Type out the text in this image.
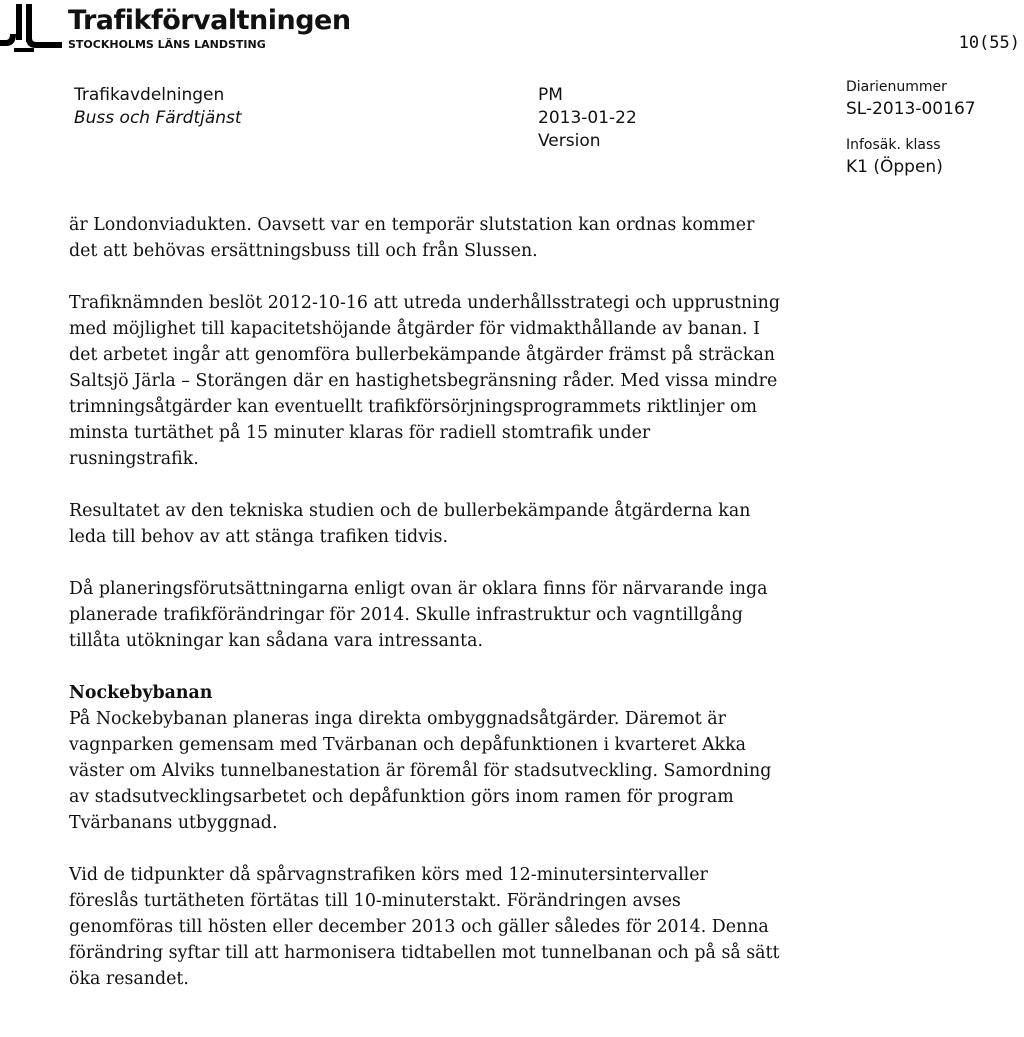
Trafikförvaltningen
STOCKHOLMS LÄNS LANDSTING	10(55)
Trafikavdelningen
Buss och Färdtjänst
PM
2013-01-22
Version
Diarienummer
SL-2013-00167
Infosäk. klass
K1 (Öppen)

är Londonviadukten. Oavsett var en temporär slutstation kan ordnas kommer
det att behövas ersättningsbuss till och från Slussen.

Trafiknämnden beslöt 2012-10-16 att utreda underhållsstrategi och upprustning
med möjlighet till kapacitetshöjande åtgärder för vidmakthållande av banan. I
det arbetet ingår att genomföra bullerbekämpande åtgärder främst på sträckan
Saltsjö Järla – Storängen där en hastighetsbegränsning råder. Med vissa mindre
trimningsåtgärder kan eventuellt trafikförsörjningsprogrammets riktlinjer om
minsta turtäthet på 15 minuter klaras för radiell stomtrafik under
rusningstrafik.

Resultatet av den tekniska studien och de bullerbekämpande åtgärderna kan
leda till behov av att stänga trafiken tidvis.

Då planeringsförutsättningarna enligt ovan är oklara finns för närvarande inga
planerade trafikförändringar för 2014. Skulle infrastruktur och vagntillgång
tillåta utökningar kan sådana vara intressanta.

Nockebybanan

På Nockebybanan planeras inga direkta ombyggnadsåtgärder. Däremot är
vagnparken gemensam med Tvärbanan och depåfunktionen i kvarteret Akka
väster om Alviks tunnelbanestation är föremål för stadsutveckling. Samordning
av stadsutvecklingsarbetet och depåfunktion görs inom ramen för program
Tvärbanans utbyggnad.

Vid de tidpunkter då spårvagnstrafiken körs med 12-minutersintervaller
föreslås turtätheten förtätas till 10-minuterstakt. Förändringen avses
genomföras till hösten eller december 2013 och gäller således för 2014. Denna
förändring syftar till att harmonisera tidtabellen mot tunnelbanan och på så sätt
öka resandet.
